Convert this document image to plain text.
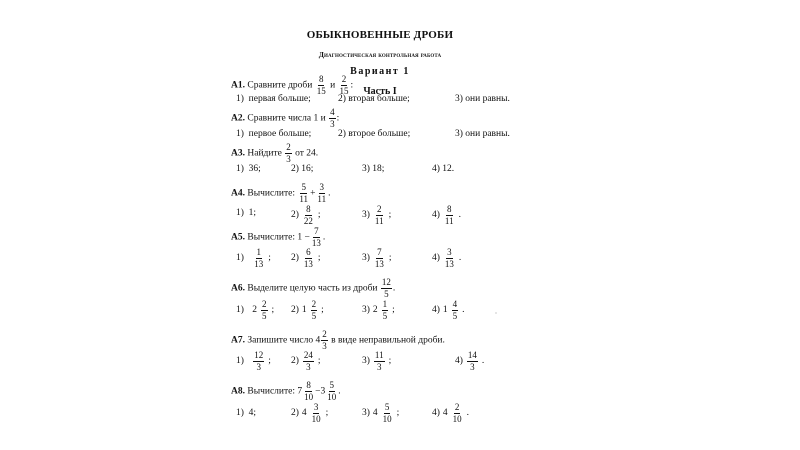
ОБЫКНОВЕННЫЕ ДРОБИ
Диагностическая контрольная работа
Вариант 1
Часть I
A1. Сравните дроби $\frac{8}{15}$ и $\frac{2}{15}$ :
1) первая больше;	2) вторая больше;	3) они равны.
A2. Сравните числа 1 и $\frac{4}{3}$ :
1) первое больше;	2) второе больше;	3) они равны.
A3. Найдите $\frac{2}{3}$ от 24.
1) 36;	2) 16;	3) 18;	4) 12.
A4. Вычислите: $\frac{5}{11} + \frac{3}{11}$ .
1) 1;	$2) \frac{8}{22}$ ;	$3) \frac{2}{11}$ ;	$4) \frac{8}{11}$ .
A5. Вычислите: $1 - \frac{7}{13}$ .
1)
$\frac{1}{13}$ ; $2) \frac{6}{13}$ ;	$3) \frac{7}{13}$ ;	$4) \frac{3}{13}$ .
A6. Выделите целую часть из дроби $\frac{12}{5}$ .
1)
$2 \frac{2}{5}$ ; 2) $1 \frac{2}{5}$ ;	3) $2 \frac{1}{5}$ ;	4) $1 \frac{4}{5}$ .
A7. Запишите число $4 \frac{2}{3}$ в виде неправильной дроби.
1)
$\frac{12}{3}$ ; $2) \frac{24}{3}$ ;	$3) \frac{11}{3}$ ;	$4) \frac{14}{3}$ .
A8. Вычислите: $7 \frac{8}{10} -3 \frac{5}{10}$ .
1) 4;	2) $4 \frac{3}{10}$ ;	3) $4 \frac{5}{10}$ ;	4) $4 \frac{2}{10}$ .
